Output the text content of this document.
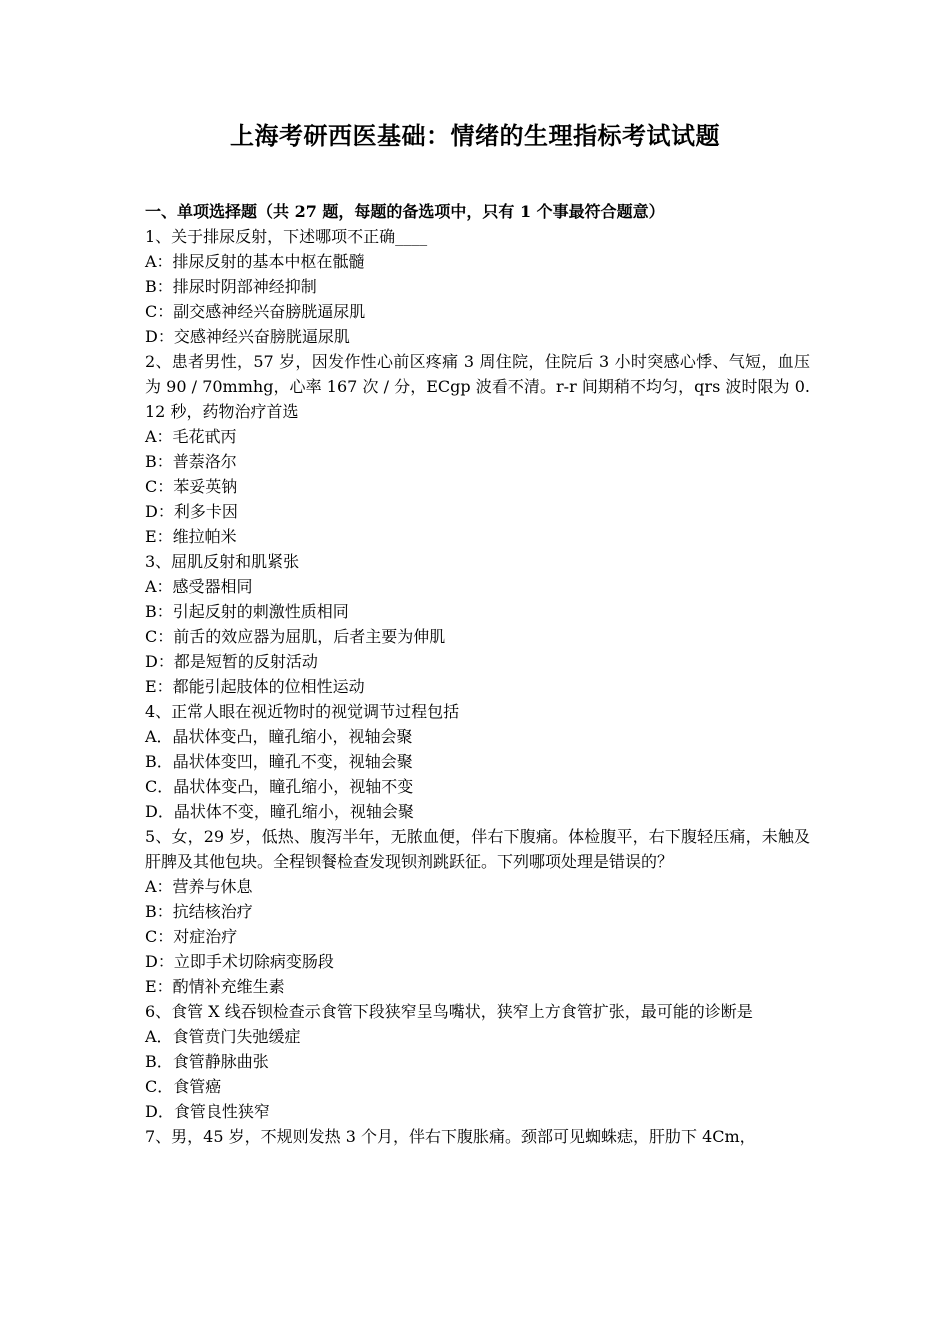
上海考研西医基础：情绪的生理指标考试试题
一、单项选择题（共 27 题，每题的备选项中，只有 1 个事最符合题意）
1、关于排尿反射，下述哪项不正确____
A：排尿反射的基本中枢在骶髓
B：排尿时阴部神经抑制
C：副交感神经兴奋膀胱逼尿肌
D：交感神经兴奋膀胱逼尿肌
2、患者男性，57 岁，因发作性心前区疼痛 3 周住院，住院后 3 小时突感心悸、气短，血压为 90 / 70mmhg，心率 167 次 / 分，ECgp 波看不清。r-r 间期稍不均匀，qrs 波时限为 0.12 秒，药物治疗首选
A：毛花甙丙
B：普萘洛尔
C：苯妥英钠
D：利多卡因
E：维拉帕米
3、屈肌反射和肌紧张
A：感受器相同
B：引起反射的刺激性质相同
C：前舌的效应器为屈肌，后者主要为伸肌
D：都是短暂的反射活动
E：都能引起肢体的位相性运动
4、正常人眼在视近物时的视觉调节过程包括
A．晶状体变凸，瞳孔缩小，视轴会聚
B．晶状体变凹，瞳孔不变，视轴会聚
C．晶状体变凸，瞳孔缩小，视轴不变
D．晶状体不变，瞳孔缩小，视轴会聚
5、女，29 岁，低热、腹泻半年，无脓血便，伴右下腹痛。体检腹平，右下腹轻压痛，未触及肝脾及其他包块。全程钡餐检查发现钡剂跳跃征。下列哪项处理是错误的？
A：营养与休息
B：抗结核治疗
C：对症治疗
D：立即手术切除病变肠段
E：酌情补充维生素
6、食管 X 线吞钡检查示食管下段狭窄呈鸟嘴状，狭窄上方食管扩张，最可能的诊断是
A．食管贲门失弛缓症
B．食管静脉曲张
C．食管癌
D．食管良性狭窄
7、男，45 岁，不规则发热 3 个月，伴右下腹胀痛。颈部可见蜘蛛痣，肝肋下 4Cm，
